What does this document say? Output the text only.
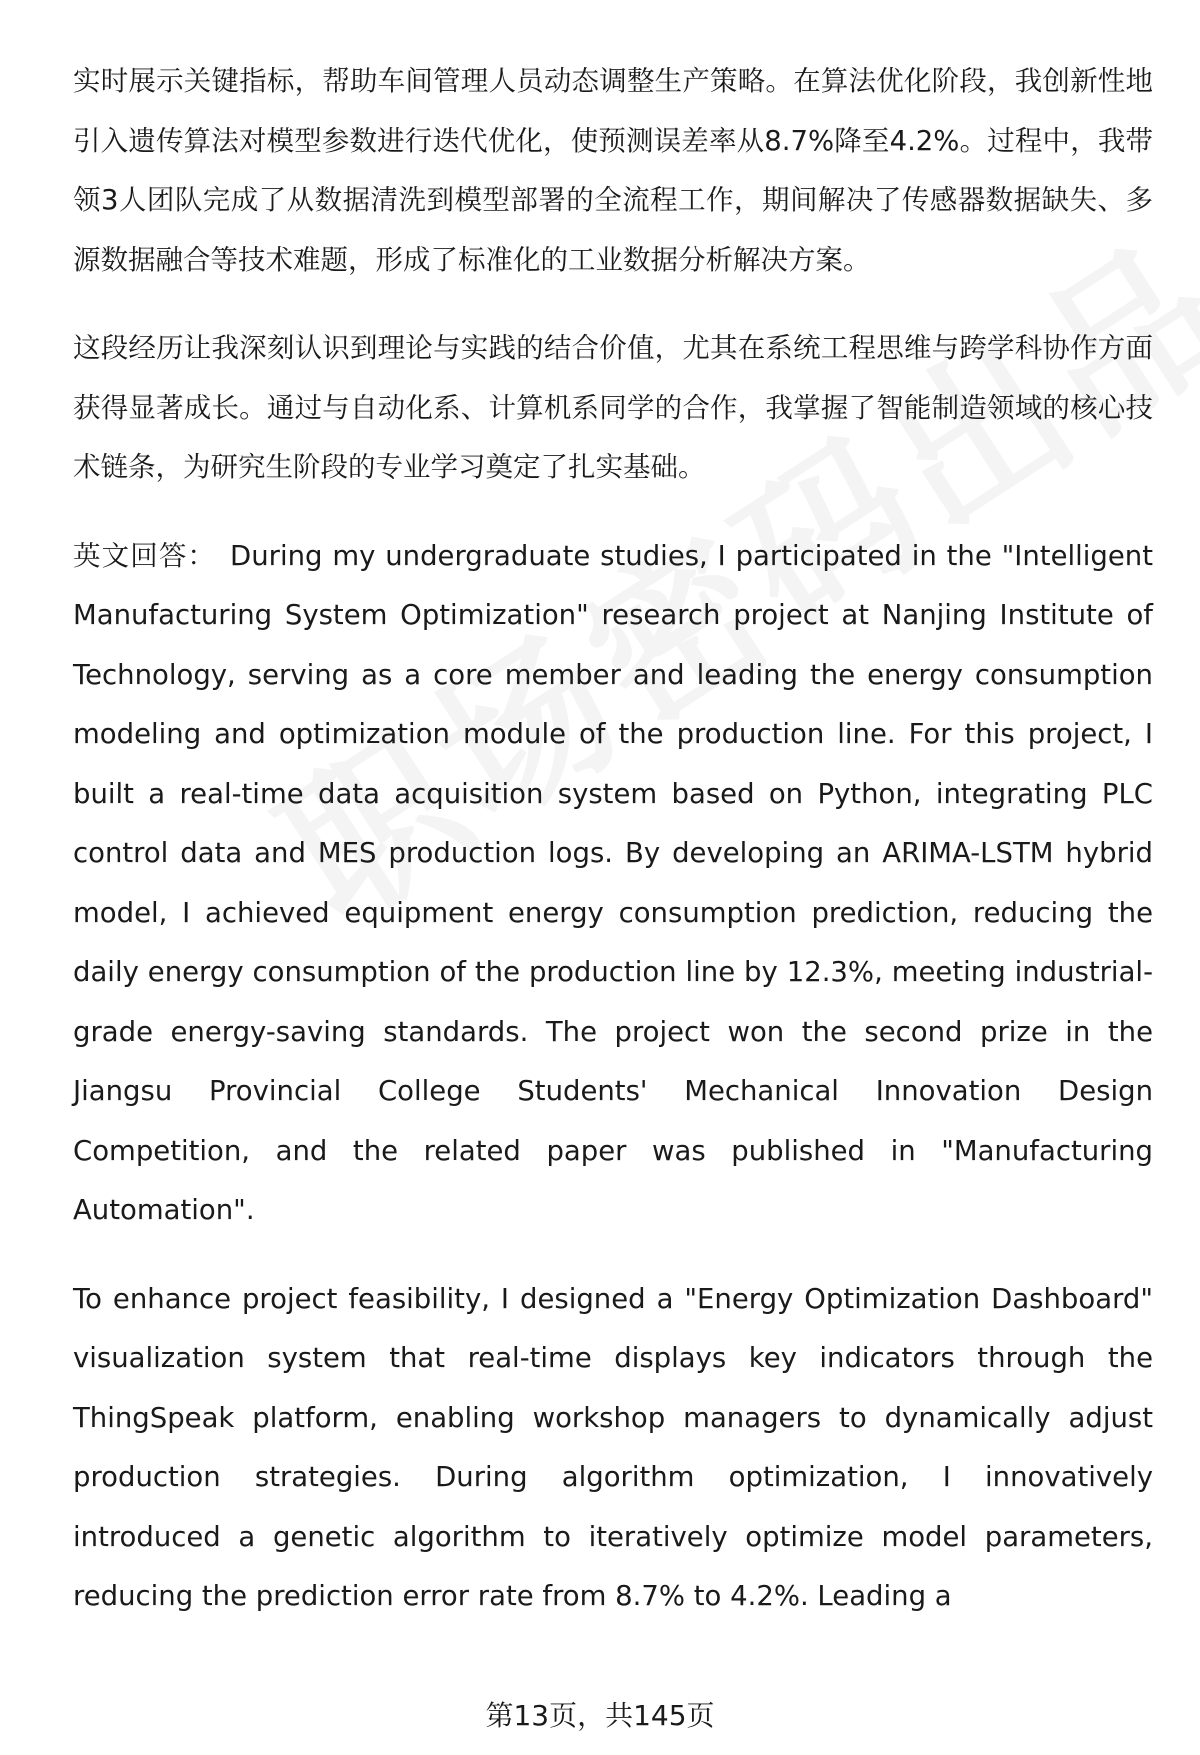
实时展示关键指标，帮助车间管理人员动态调整生产策略。在算法优化阶段，我创新性地引入遗传算法对模型参数进行迭代优化，使预测误差率从8.7%降至4.2%。过程中，我带领3人团队完成了从数据清洗到模型部署的全流程工作，期间解决了传感器数据缺失、多源数据融合等技术难题，形成了标准化的工业数据分析解决方案。

这段经历让我深刻认识到理论与实践的结合价值，尤其在系统工程思维与跨学科协作方面获得显著成长。通过与自动化系、计算机系同学的合作，我掌握了智能制造领域的核心技术链条，为研究生阶段的专业学习奠定了扎实基础。

英文回答： During my undergraduate studies, I participated in the "Intelligent Manufacturing System Optimization" research project at Nanjing Institute of Technology, serving as a core member and leading the energy consumption modeling and optimization module of the production line. For this project, I built a real-time data acquisition system based on Python, integrating PLC control data and MES production logs. By developing an ARIMA-LSTM hybrid model, I achieved equipment energy consumption prediction, reducing the daily energy consumption of the production line by 12.3%, meeting industrial-grade energy-saving standards. The project won the second prize in the Jiangsu Provincial College Students' Mechanical Innovation Design Competition, and the related paper was published in "Manufacturing Automation".

To enhance project feasibility, I designed a "Energy Optimization Dashboard" visualization system that real-time displays key indicators through the ThingSpeak platform, enabling workshop managers to dynamically adjust production strategies. During algorithm optimization, I innovatively introduced a genetic algorithm to iteratively optimize model parameters, reducing the prediction error rate from 8.7% to 4.2%. Leading a

第13页，共145页
